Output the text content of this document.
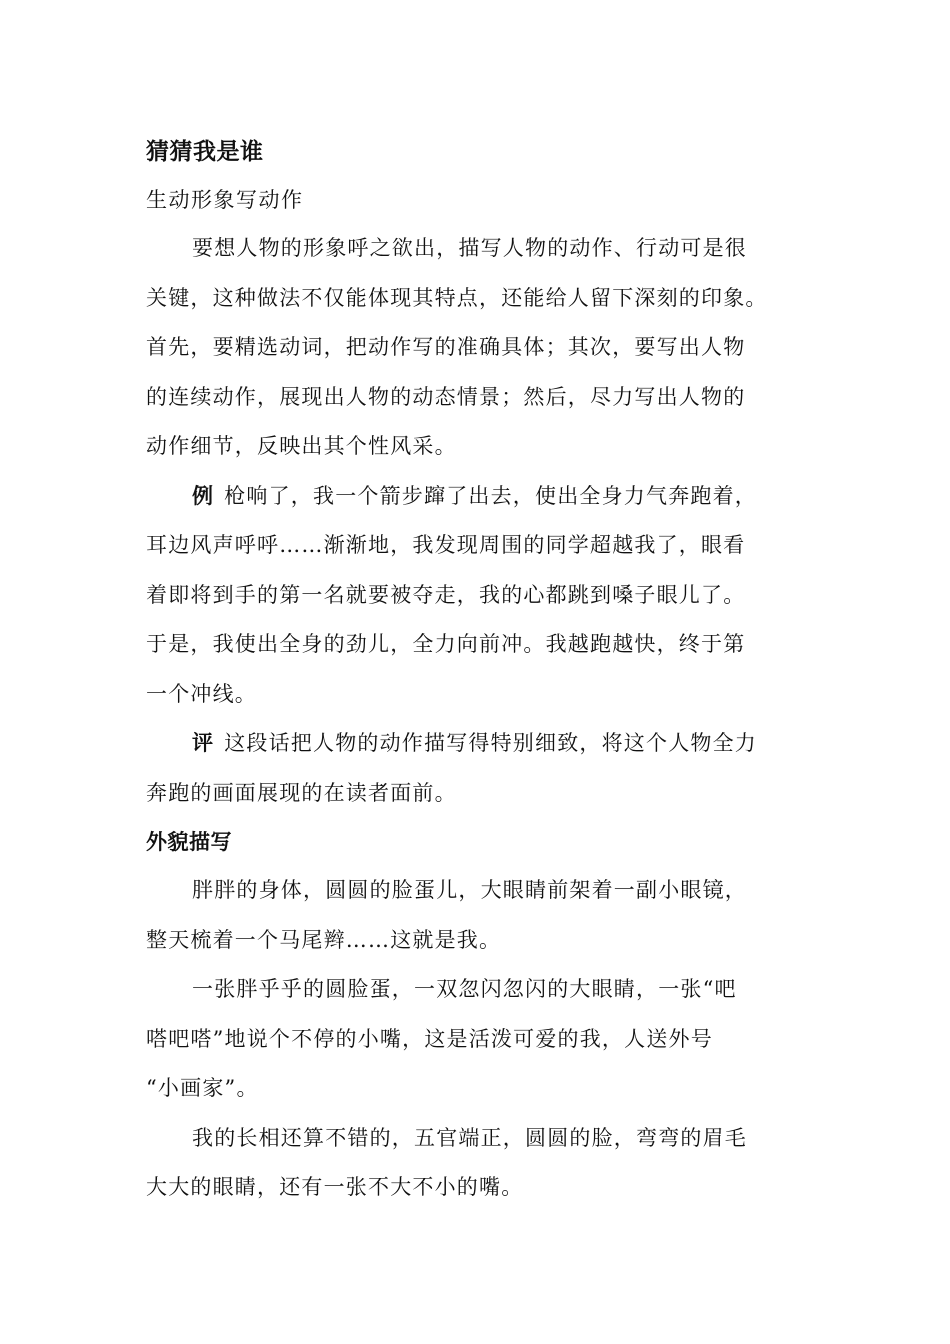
猜猜我是谁
生动形象写动作
要想人物的形象呼之欲出，描写人物的动作、行动可是很
关键，这种做法不仅能体现其特点，还能给人留下深刻的印象。
首先，要精选动词，把动作写的准确具体；其次，要写出人物
的连续动作，展现出人物的动态情景；然后，尽力写出人物的
动作细节，反映出其个性风采。
例 枪响了，我一个箭步蹿了出去，使出全身力气奔跑着，
耳边风声呼呼……渐渐地，我发现周围的同学超越我了，眼看
着即将到手的第一名就要被夺走，我的心都跳到嗓子眼儿了。
于是，我使出全身的劲儿，全力向前冲。我越跑越快，终于第
一个冲线。
评 这段话把人物的动作描写得特别细致，将这个人物全力
奔跑的画面展现的在读者面前。
外貌描写
胖胖的身体，圆圆的脸蛋儿，大眼睛前架着一副小眼镜，
整天梳着一个马尾辫……这就是我。
一张胖乎乎的圆脸蛋，一双忽闪忽闪的大眼睛，一张“吧
嗒吧嗒”地说个不停的小嘴，这是活泼可爱的我，人送外号
“小画家”。
我的长相还算不错的，五官端正，圆圆的脸，弯弯的眉毛
大大的眼睛，还有一张不大不小的嘴。
